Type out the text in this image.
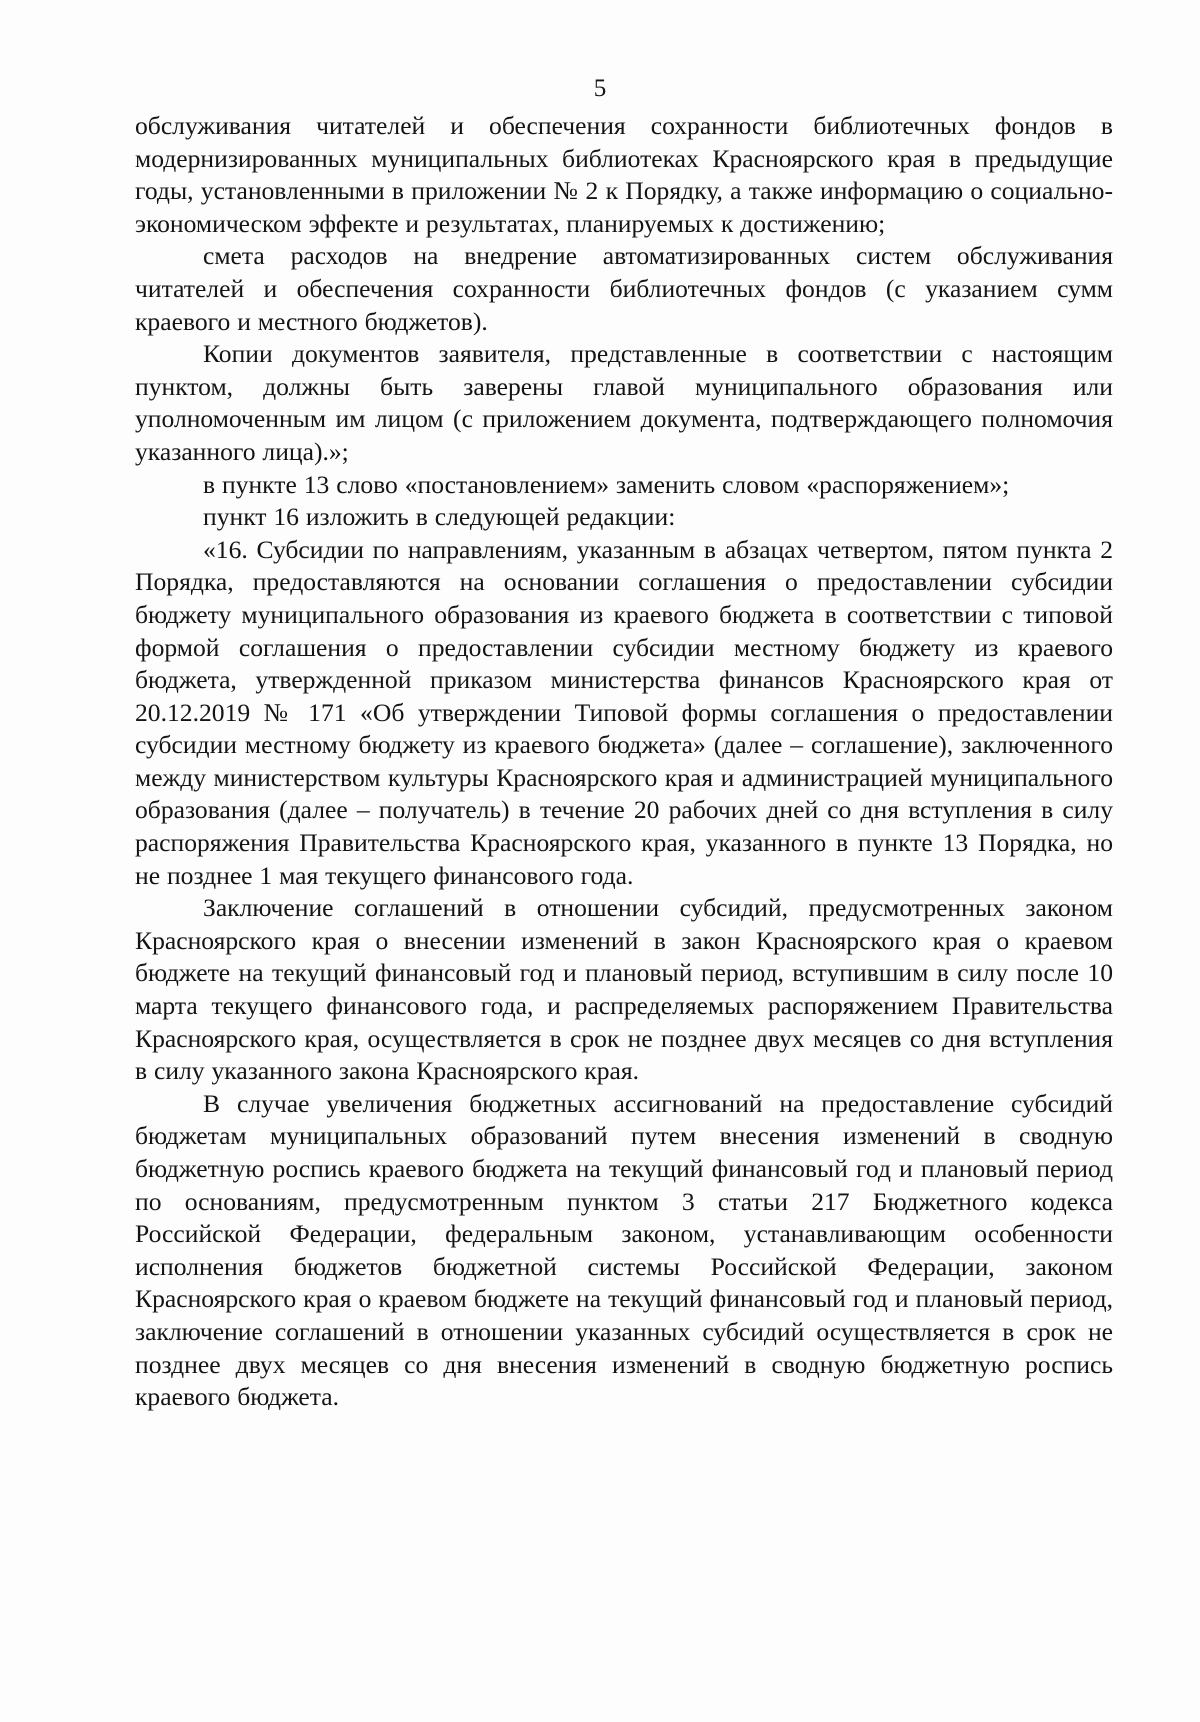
5

обслуживания читателей и обеспечения сохранности библиотечных фондов в модернизированных муниципальных библиотеках Красноярского края в предыдущие годы, установленными в приложении № 2 к Порядку, а также информацию о социально-экономическом эффекте и результатах, планируемых к достижению;

смета расходов на внедрение автоматизированных систем обслуживания читателей и обеспечения сохранности библиотечных фондов (с указанием сумм краевого и местного бюджетов).

Копии документов заявителя, представленные в соответствии с настоящим пунктом, должны быть заверены главой муниципального образования или уполномоченным им лицом (с приложением документа, подтверждающего полномочия указанного лица).»;

в пункте 13 слово «постановлением» заменить словом «распоряжением»;

пункт 16 изложить в следующей редакции:

«16. Субсидии по направлениям, указанным в абзацах четвертом, пятом пункта 2 Порядка, предоставляются на основании соглашения о предоставлении субсидии бюджету муниципального образования из краевого бюджета в соответствии с типовой формой соглашения о предоставлении субсидии местному бюджету из краевого бюджета, утвержденной приказом министерства финансов Красноярского края от 20.12.2019 № 171 «Об утверждении Типовой формы соглашения о предоставлении субсидии местному бюджету из краевого бюджета» (далее – соглашение), заключенного между министерством культуры Красноярского края и администрацией муниципального образования (далее – получатель) в течение 20 рабочих дней со дня вступления в силу распоряжения Правительства Красноярского края, указанного в пункте 13 Порядка, но не позднее 1 мая текущего финансового года.

Заключение соглашений в отношении субсидий, предусмотренных законом Красноярского края о внесении изменений в закон Красноярского края о краевом бюджете на текущий финансовый год и плановый период, вступившим в силу после 10 марта текущего финансового года, и распределяемых распоряжением Правительства Красноярского края, осуществляется в срок не позднее двух месяцев со дня вступления в силу указанного закона Красноярского края.

В случае увеличения бюджетных ассигнований на предоставление субсидий бюджетам муниципальных образований путем внесения изменений в сводную бюджетную роспись краевого бюджета на текущий финансовый год и плановый период по основаниям, предусмотренным пунктом 3 статьи 217 Бюджетного кодекса Российской Федерации, федеральным законом, устанавливающим особенности исполнения бюджетов бюджетной системы Российской Федерации, законом Красноярского края о краевом бюджете на текущий финансовый год и плановый период, заключение соглашений в отношении указанных субсидий осуществляется в срок не позднее двух месяцев со дня внесения изменений в сводную бюджетную роспись краевого бюджета.
